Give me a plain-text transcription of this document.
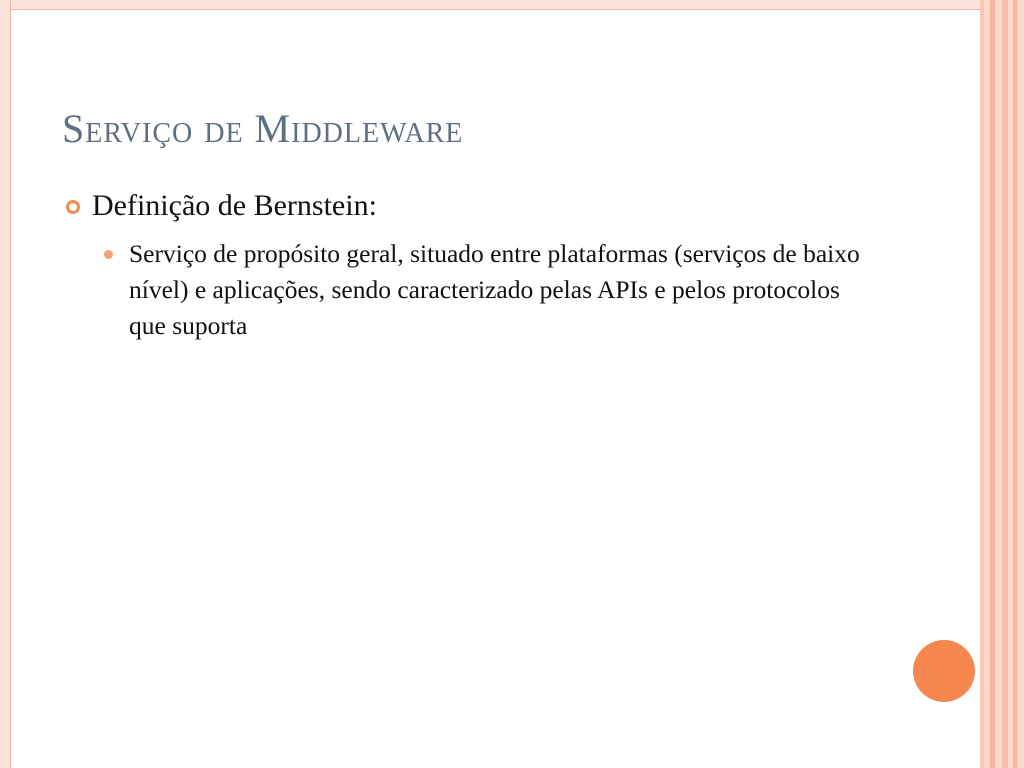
Serviço de Middleware
Definição de Bernstein:
Serviço de propósito geral, situado entre plataformas (serviços de baixo nível) e aplicações, sendo caracterizado pelas APIs e pelos protocolos que suporta
